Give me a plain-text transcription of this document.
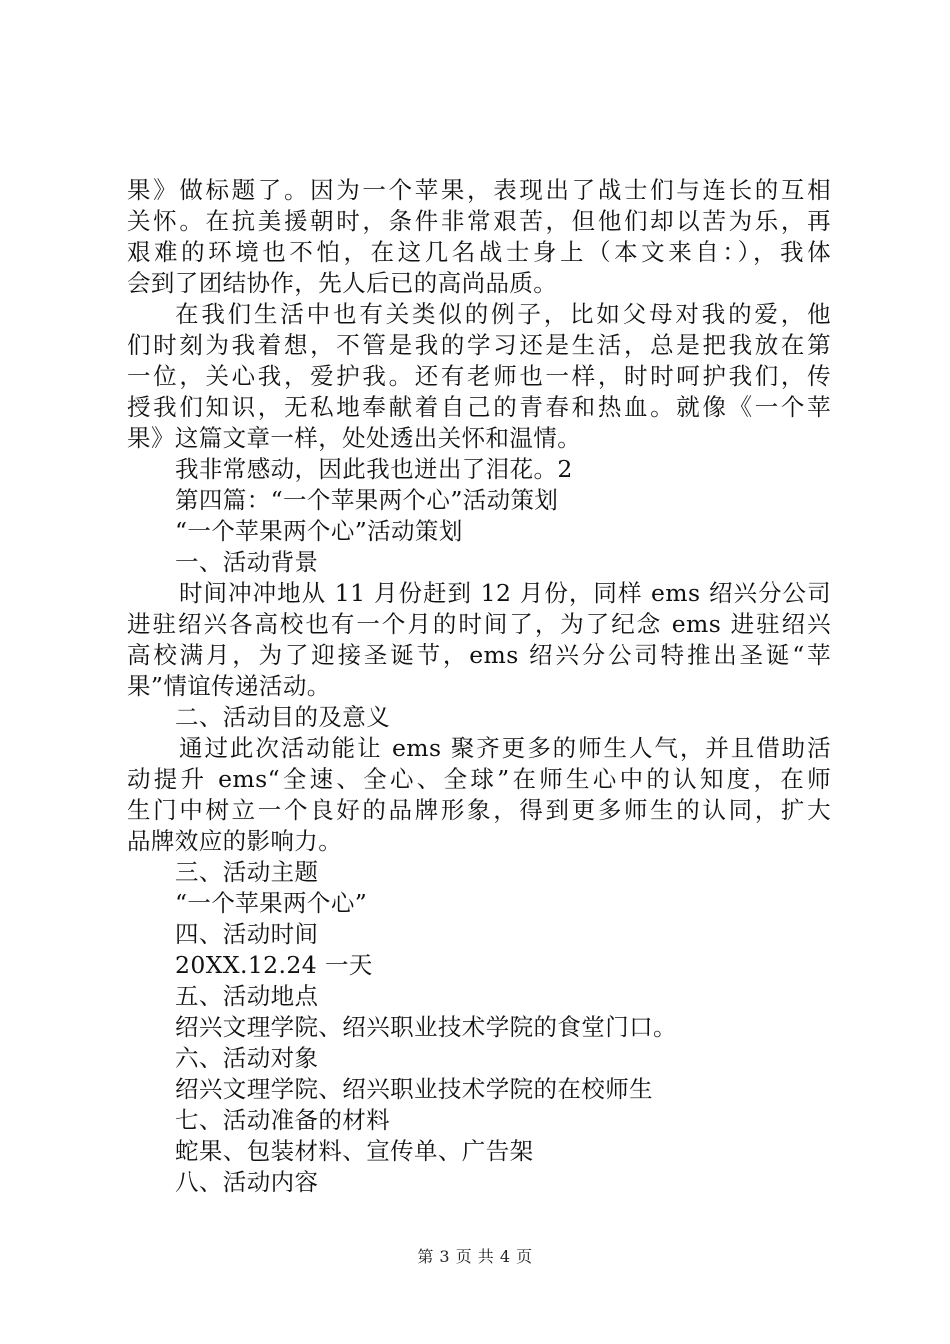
果》做标题了。因为一个苹果，表现出了战士们与连长的互相
关怀。在抗美援朝时，条件非常艰苦，但他们却以苦为乐，再
艰难的环境也不怕，在这几名战士身上（本文来自：），我体
会到了团结协作，先人后已的高尚品质。
在我们生活中也有关类似的例子，比如父母对我的爱，他
们时刻为我着想，不管是我的学习还是生活，总是把我放在第
一位，关心我，爱护我。还有老师也一样，时时呵护我们，传
授我们知识，无私地奉献着自己的青春和热血。就像《一个苹
果》这篇文章一样，处处透出关怀和温情。
我非常感动，因此我也迸出了泪花。2
第四篇：“一个苹果两个心”活动策划
“一个苹果两个心”活动策划
一、活动背景
时间冲冲地从 11 月份赶到 12 月份，同样 ems 绍兴分公司
进驻绍兴各高校也有一个月的时间了，为了纪念 ems 进驻绍兴
高校满月，为了迎接圣诞节，ems 绍兴分公司特推出圣诞“苹
果”情谊传递活动。
二、活动目的及意义
通过此次活动能让 ems 聚齐更多的师生人气，并且借助活
动提升 ems“全速、全心、全球”在师生心中的认知度，在师
生门中树立一个良好的品牌形象，得到更多师生的认同，扩大
品牌效应的影响力。
三、活动主题
“一个苹果两个心”
四、活动时间
20XX.12.24 一天
五、活动地点
绍兴文理学院、绍兴职业技术学院的食堂门口。
六、活动对象
绍兴文理学院、绍兴职业技术学院的在校师生
七、活动准备的材料
蛇果、包装材料、宣传单、广告架
八、活动内容
第 3 页 共 4 页
